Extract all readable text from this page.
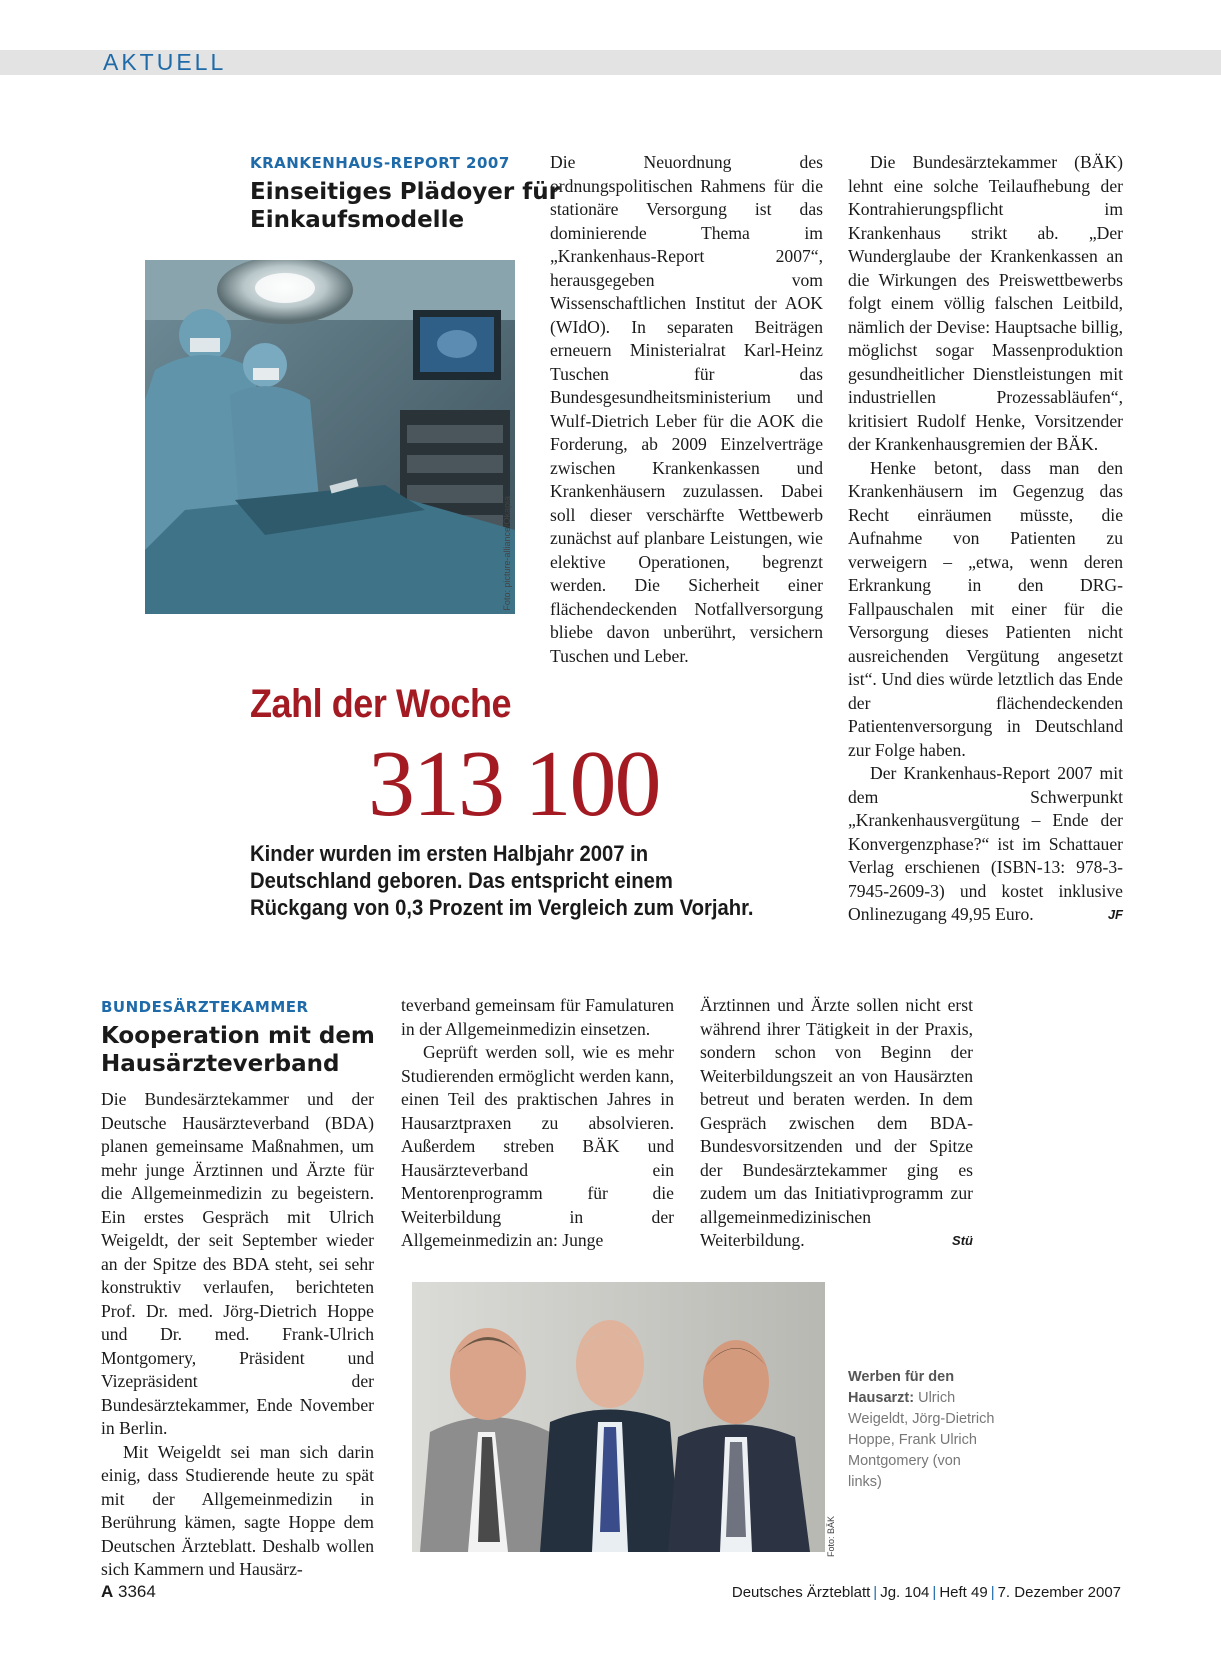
AKTUELL
KRANKENHAUS-REPORT 2007
Einseitiges Plädoyer für
Einkaufsmodelle
Foto: picture-alliance/Okapia

Die Neuordnung des ordnungspolitischen Rahmens für die stationäre Versorgung ist das dominierende Thema im „Krankenhaus-Report 2007“, herausgegeben vom Wissenschaftlichen Institut der AOK (WIdO). In separaten Beiträgen erneuern Ministerialrat Karl-Heinz Tuschen für das Bundesgesundheitsministerium und Wulf-Dietrich Leber für die AOK die Forderung, ab 2009 Einzelverträge zwischen Krankenkassen und Krankenhäusern zuzulassen. Dabei soll dieser verschärfte Wettbewerb zunächst auf planbare Leistungen, wie elektive Operationen, begrenzt werden. Die Sicherheit einer flächendeckenden Notfallversorgung bliebe davon unberührt, versichern Tuschen und Leber.

Die Bundesärztekammer (BÄK) lehnt eine solche Teilaufhebung der Kontrahierungspflicht im Krankenhaus strikt ab. „Der Wunderglaube der Krankenkassen an die Wirkungen des Preiswettbewerbs folgt einem völlig falschen Leitbild, nämlich der Devise: Hauptsache billig, möglichst sogar Massenproduktion gesundheitlicher Dienstleistungen mit industriellen Prozessabläufen“, kritisiert Rudolf Henke, Vorsitzender der Krankenhausgremien der BÄK.

Henke betont, dass man den Krankenhäusern im Gegenzug das Recht einräumen müsste, die Aufnahme von Patienten zu verweigern – „etwa, wenn deren Erkrankung in den DRG-Fallpauschalen mit einer für die Versorgung dieses Patienten nicht ausreichenden Vergütung angesetzt ist“. Und dies würde letztlich das Ende der flächendeckenden Patientenversorgung in Deutschland zur Folge haben.

Der Krankenhaus-Report 2007 mit dem Schwerpunkt „Krankenhausvergütung – Ende der Konvergenzphase?“ ist im Schattauer Verlag erschienen (ISBN-13: 978-3-7945-2609-3) und kostet inklusive Onlinezugang 49,95 Euro.	JF

Zahl der Woche
313 100
Kinder wurden im ersten Halbjahr 2007 in Deutschland geboren. Das entspricht einem Rückgang von 0,3 Prozent im Vergleich zum Vorjahr.
BUNDESÄRZTEKAMMER
Kooperation mit dem
Hausärzteverband

Die Bundesärztekammer und der Deutsche Hausärzteverband (BDA) planen gemeinsame Maßnahmen, um mehr junge Ärztinnen und Ärzte für die Allgemeinmedizin zu begeistern. Ein erstes Gespräch mit Ulrich Weigeldt, der seit September wieder an der Spitze des BDA steht, sei sehr konstruktiv verlaufen, berichteten Prof. Dr. med. Jörg-Dietrich Hoppe und Dr. med. Frank-Ulrich Montgomery, Präsident und Vizepräsident der Bundesärztekammer, Ende November in Berlin.

Mit Weigeldt sei man sich darin einig, dass Studierende heute zu spät mit der Allgemeinmedizin in Berührung kämen, sagte Hoppe dem Deutschen Ärzteblatt. Deshalb wollen sich Kammern und Hausärz-

teverband gemeinsam für Famulaturen in der Allgemeinmedizin einsetzen.

Geprüft werden soll, wie es mehr Studierenden ermöglicht werden kann, einen Teil des praktischen Jahres in Hausarztpraxen zu absolvieren. Außerdem streben BÄK und Hausärzteverband ein Mentorenprogramm für die Weiterbildung in der Allgemeinmedizin an: Junge

Ärztinnen und Ärzte sollen nicht erst während ihrer Tätigkeit in der Praxis, sondern schon von Beginn der Weiterbildungszeit an von Hausärzten betreut und beraten werden. In dem Gespräch zwischen dem BDA-Bundesvorsitzenden und der Spitze der Bundesärztekammer ging es zudem um das Initiativprogramm zur allgemeinmedizinischen Weiterbildung.	Stü

Foto: BÄK
Werben für den Hausarzt: Ulrich Weigeldt, Jörg-Dietrich Hoppe, Frank Ulrich Montgomery (von links)
A 3364	Deutsches Ärzteblatt | Jg. 104 | Heft 49 | 7. Dezember 2007
